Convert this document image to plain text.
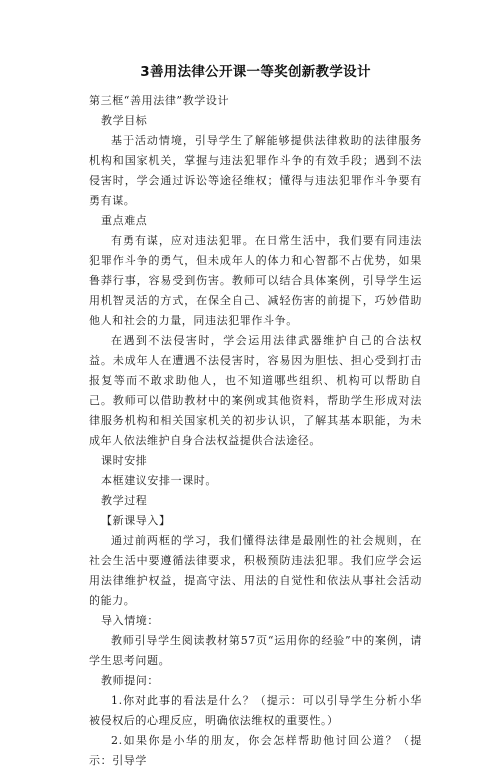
3善用法律公开课一等奖创新教学设计

第三框“善用法律”教学设计

教学目标

基于活动情境，引导学生了解能够提供法律救助的法律服务机构和国家机关，掌握与违法犯罪作斗争的有效手段；遇到不法侵害时，学会通过诉讼等途径维权；懂得与违法犯罪作斗争要有勇有谋。

重点难点

有勇有谋，应对违法犯罪。在日常生活中，我们要有同违法犯罪作斗争的勇气，但未成年人的体力和心智都不占优势，如果鲁莽行事，容易受到伤害。教师可以结合具体案例，引导学生运用机智灵活的方式，在保全自己、减轻伤害的前提下，巧妙借助他人和社会的力量，同违法犯罪作斗争。

在遇到不法侵害时，学会运用法律武器维护自己的合法权益。未成年人在遭遇不法侵害时，容易因为胆怯、担心受到打击报复等而不敢求助他人，也不知道哪些组织、机构可以帮助自己。教师可以借助教材中的案例或其他资料，帮助学生形成对法律服务机构和相关国家机关的初步认识，了解其基本职能，为未成年人依法维护自身合法权益提供合法途径。

课时安排

本框建议安排一课时。

教学过程

【新课导入】

通过前两框的学习，我们懂得法律是最刚性的社会规则，在社会生活中要遵循法律要求，积极预防违法犯罪。我们应学会运用法律维护权益，提高守法、用法的自觉性和依法从事社会活动的能力。

导入情境：

教师引导学生阅读教材第57页“运用你的经验”中的案例，请学生思考问题。

教师提问：

1.你对此事的看法是什么？（提示：可以引导学生分析小华被侵权后的心理反应，明确依法维权的重要性。）

2.如果你是小华的朋友，你会怎样帮助他讨回公道？（提示：引导学
